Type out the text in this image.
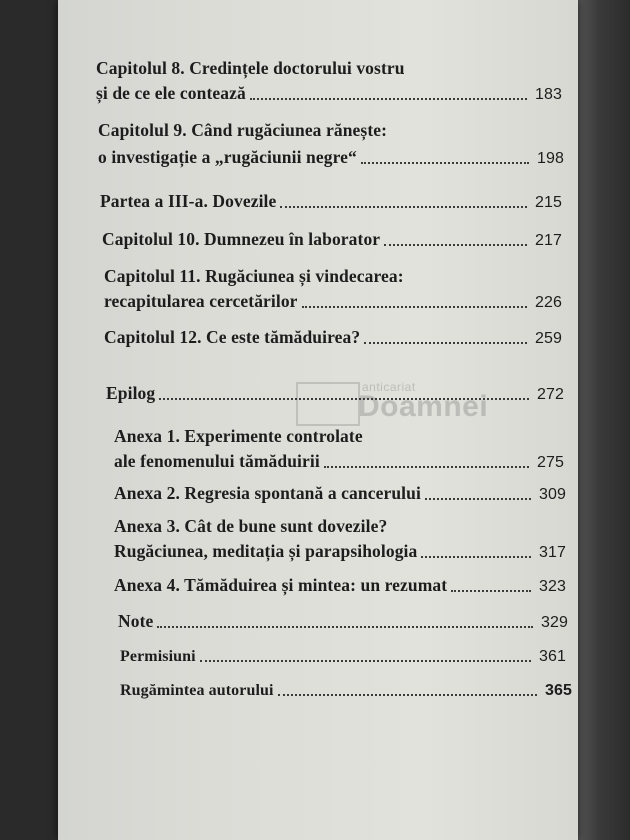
anticariat
Doamnei
Capitolul 8. Credințele doctorului vostru
și de ce ele contează	183
Capitolul 9. Când rugăciunea rănește:
o investigație a „rugăciunii negre“	198
Partea a III-a. Dovezile	215
Capitolul 10. Dumnezeu în laborator	217
Capitolul 11. Rugăciunea și vindecarea:
recapitularea cercetărilor	226
Capitolul 12. Ce este tămăduirea?	259
Epilog	272
Anexa 1. Experimente controlate
ale fenomenului tămăduirii	275
Anexa 2. Regresia spontană a cancerului	309
Anexa 3. Cât de bune sunt dovezile?
Rugăciunea, meditația și parapsihologia	317
Anexa 4. Tămăduirea și mintea: un rezumat	323
Note	329
Permisiuni	361
Rugămintea autorului	365
